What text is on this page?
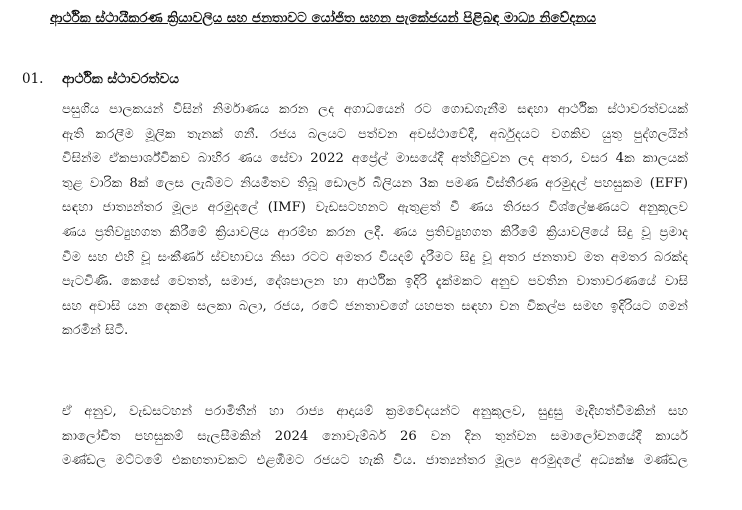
ආර්ථික ස්ථායීකරණ ක්‍රියාවලිය සහ ජනතාවට යෝජිත සහන පැකේජයන් පිළිබඳ මාධ්‍ය නිවේදනය
01. ආර්ථික ස්ථාවරත්වය
පසුගිය පාලකයන් විසින් නිර්මාණය කරන ලද අගාධයෙන් රට ගොඩගැනීම සඳහා ආර්ථික ස්ථාවරත්වයක්
ඇති කරලීම මූලික තැනක් ගනී. රජය බලයට පත්වන අවස්ථාවේදී, අර්බුදයට වගකිව යුතු පුද්ගලයින්
විසින්ම ඒකපාර්ශ්විකව බාහිර ණය සේවා 2022 අප්‍රේල් මාසයේදී අත්හිටුවන ලද අතර, වසර 4ක කාලයක්
තුළ වාරික 8ක් ලෙස ලැබීමට නියමිතව තිබූ ඩොලර් බිලියන 3ක පමණ විස්තීරණ අරමුදල් පහසුකම (EFF)
සඳහා ජාත්‍යන්තර මූල්‍ය අරමුදලේ (IMF) වැඩසටහනට ඇතුළත් වී ණය තිරසර විශ්ලේෂණයට අනුකූලව
ණය ප්‍රතිව්‍යුහගත කිරීමේ ක්‍රියාවලිය ආරම්භ කරන ලදී. ණය ප්‍රතිව්‍යුහගත කිරීමේ ක්‍රියාවලියේ සිදු වූ ප්‍රමාද
වීම සහ එහි වූ සංකීර්ණ ස්වභාවය නිසා රටට අමතර වියදම් දැරීමට සිදු වූ අතර ජනතාව මත අමතර බරක්ද
පැටවිණි. කෙසේ වෙතත්, සමාජ, දේශපාලන හා ආර්ථික ඉදිරි දැක්මකට අනුව පවතින වාතාවරණයේ වාසි
සහ අවාසි යන දෙකම සලකා බලා, රජය, රටේ ජනතාවගේ යහපත සඳහා වන විකල්ප සමඟ ඉදිරියට ගමන්
කරමින් සිටී.
ඒ අනුව, වැඩසටහන් පරාමිතීන් හා රාජ්‍ය ආදායම් ක්‍රමවේදයන්ට අනුකූලව, සුදුසු මැදිහත්වීමකින් සහ
කාලෝචිත පහසුකම් සැලසීමකින් 2024 නොවැම්බර් 26 වන දින තුන්වන සමාලෝචනයේදී කාර්ය
මණ්ඩල මට්ටමේ එකඟතාවකට එළඹීමට රජයට හැකි විය. ජාත්‍යන්තර මූල්‍ය අරමුදලේ අධ්‍යක්ෂ මණ්ඩල
